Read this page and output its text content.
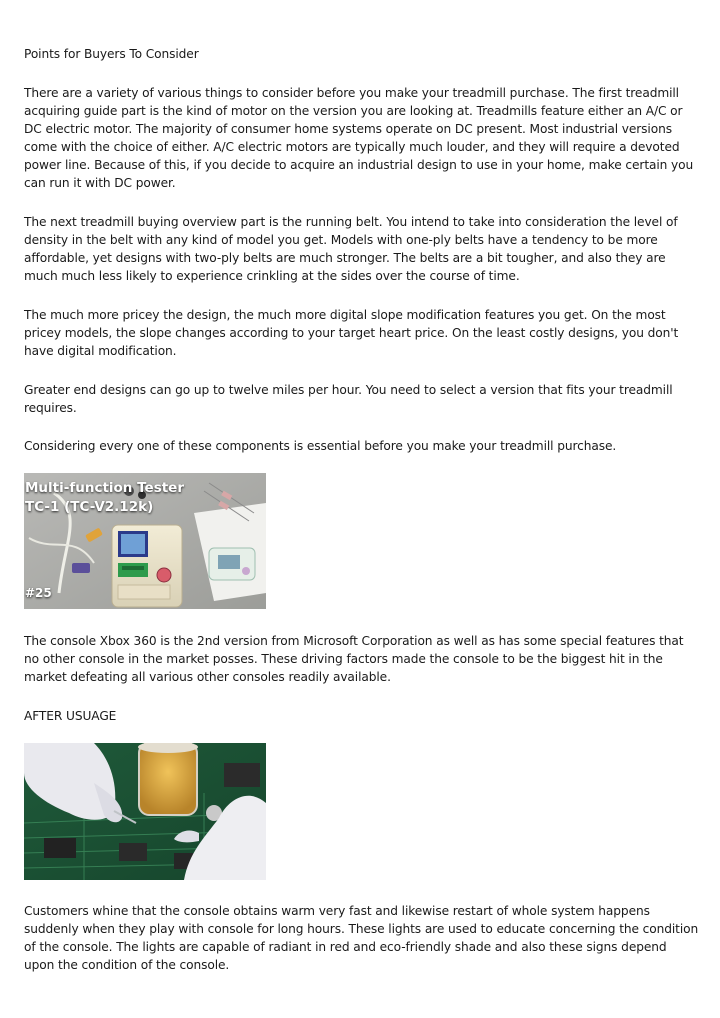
Points for Buyers To Consider

There are a variety of various things to consider before you make your treadmill purchase. The first treadmill acquiring guide part is the kind of motor on the version you are looking at. Treadmills feature either an A/C or DC electric motor. The majority of consumer home systems operate on DC present. Most industrial versions come with the choice of either. A/C electric motors are typically much louder, and they will require a devoted power line. Because of this, if you decide to acquire an industrial design to use in your home, make certain you can run it with DC power.

The next treadmill buying overview part is the running belt. You intend to take into consideration the level of density in the belt with any kind of model you get. Models with one-ply belts have a tendency to be more affordable, yet designs with two-ply belts are much stronger. The belts are a bit tougher, and also they are much much less likely to experience crinkling at the sides over the course of time.

The much more pricey the design, the much more digital slope modification features you get. On the most pricey models, the slope changes according to your target heart price. On the least costly designs, you don't have digital modification.

Greater end designs can go up to twelve miles per hour. You need to select a version that fits your treadmill requires.

Considering every one of these components is essential before you make your treadmill purchase.

Multi-function Tester
TC-1 (TC-V2.12k)
#25

The console Xbox 360 is the 2nd version from Microsoft Corporation as well as has some special features that no other console in the market posses. These driving factors made the console to be the biggest hit in the market defeating all various other consoles readily available.

AFTER USUAGE

Customers whine that the console obtains warm very fast and likewise restart of whole system happens suddenly when they play with console for long hours. These lights are used to educate concerning the condition of the console. The lights are capable of radiant in red and eco-friendly shade and also these signs depend upon the condition of the console.
